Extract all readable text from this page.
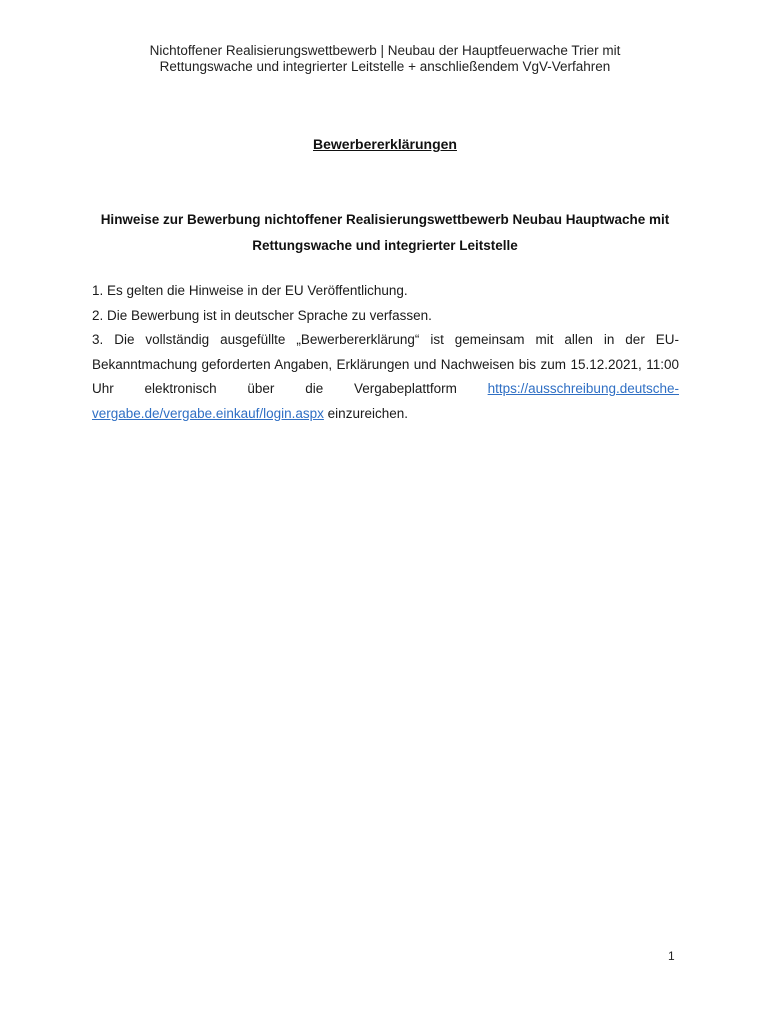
Nichtoffener Realisierungswettbewerb | Neubau der Hauptfeuerwache Trier mit
Rettungswache und integrierter Leitstelle + anschließendem VgV-Verfahren
Bewerbererklärungen
Hinweise zur Bewerbung nichtoffener Realisierungswettbewerb Neubau Hauptwache mit
Rettungswache und integrierter Leitstelle

1. Es gelten die Hinweise in der EU Veröffentlichung.

2. Die Bewerbung ist in deutscher Sprache zu verfassen.

3. Die vollständig ausgefüllte „Bewerbererklärung“ ist gemeinsam mit allen in der EU-Bekanntmachung geforderten Angaben, Erklärungen und Nachweisen bis zum 15.12.2021, 11:00 Uhr elektronisch über die Vergabeplattform https://ausschreibung.deutsche-vergabe.de/vergabe.einkauf/login.aspx einzureichen.

1
